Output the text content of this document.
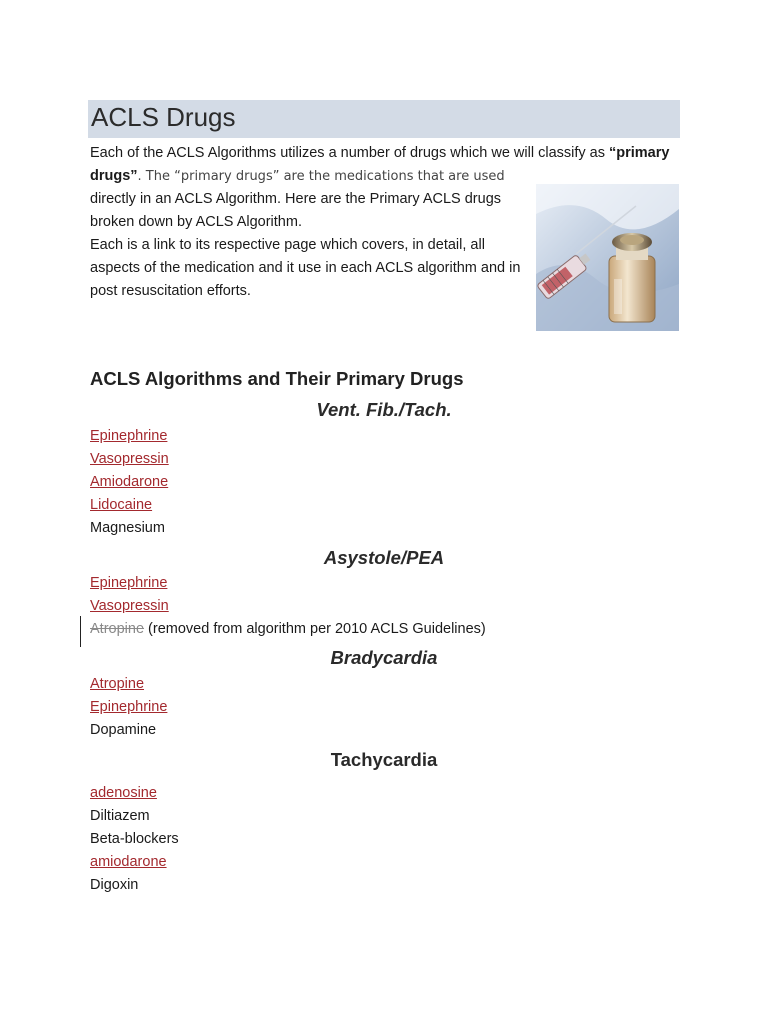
ACLS Drugs
Each of the ACLS Algorithms utilizes a number of drugs which we will classify as “primary
drugs”. The “primary drugs” are the medications that are used
directly in an ACLS Algorithm. Here are the Primary ACLS drugs
broken down by ACLS Algorithm.
Each is a link to its respective page which covers, in detail, all
aspects of the medication and it use in each ACLS algorithm and in
post resuscitation efforts.
ACLS Algorithms and Their Primary Drugs
Vent. Fib./Tach.
Epinephrine
Vasopressin
Amiodarone
Lidocaine
Magnesium
Asystole/PEA
Epinephrine
Vasopressin
Atropine (removed from algorithm per 2010 ACLS Guidelines)
Bradycardia
Atropine
Epinephrine
Dopamine
Tachycardia
adenosine
Diltiazem
Beta-blockers
amiodarone
Digoxin
